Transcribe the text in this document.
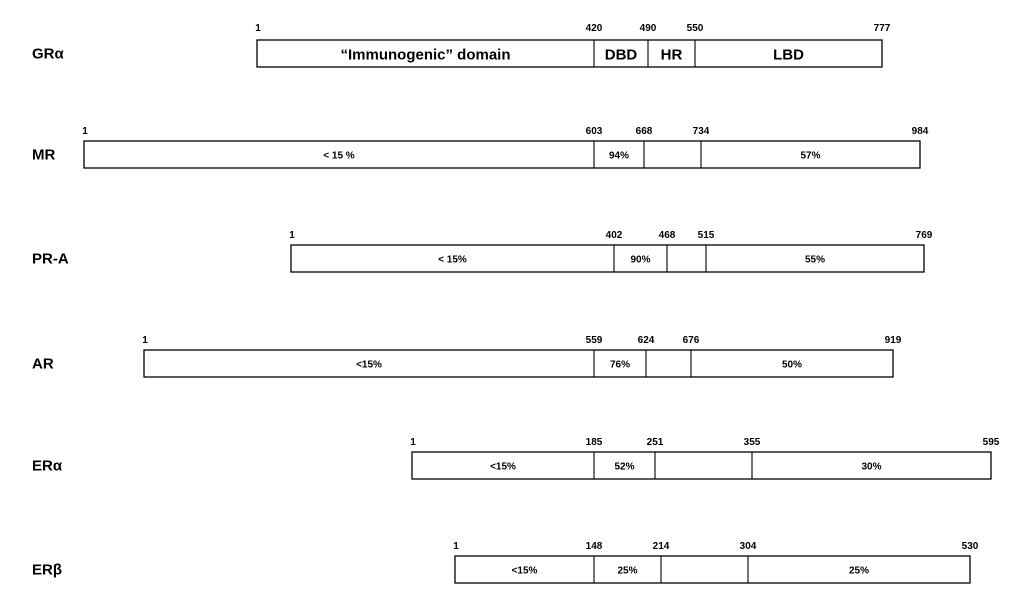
GRα
1	420	490	550	777
“Immunogenic” domain	DBD HR	LBD
MR
1	603	668	734	984
< 15 %	94%	57%
PR-A
1	402	468 515	769
< 15%	90%	55%
AR
1	559	624	676	919
<15%	76%	50%
ERα
1	185	251	355	595
<15%	52%	30%
ERβ
1	148	214	304	530
<15%	25%	25%
